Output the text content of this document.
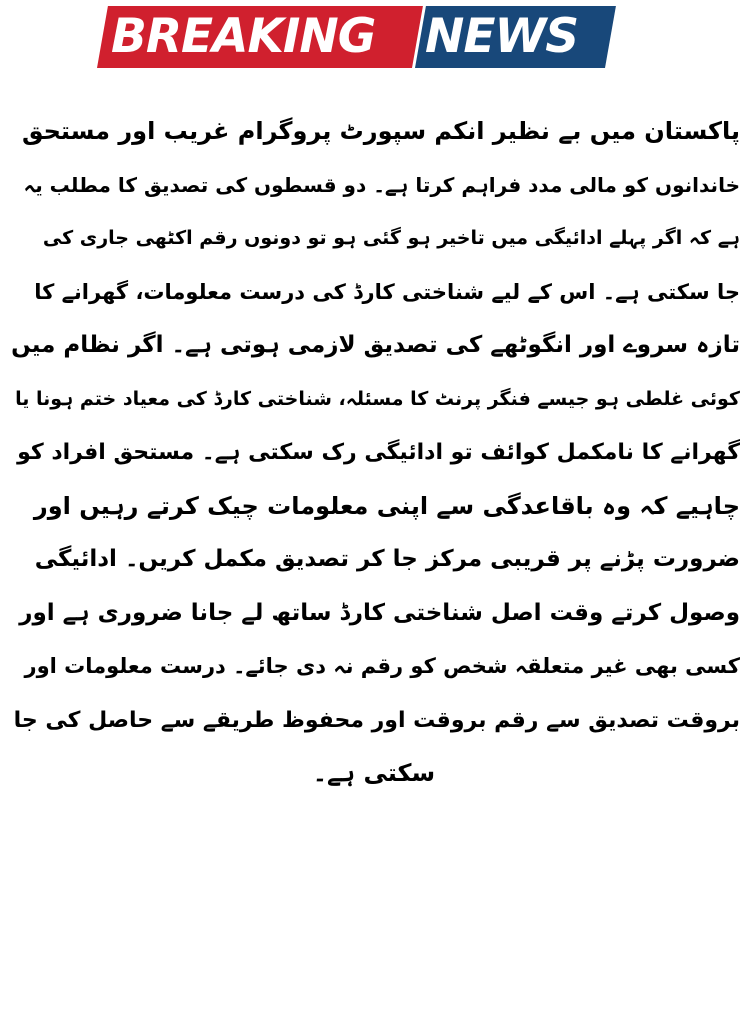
BREAKING NEWS
پاکستان میں بے نظیر انکم سپورٹ پروگرام غریب اور مستحق
خاندانوں کو مالی مدد فراہم کرتا ہے۔ دو قسطوں کی تصدیق کا مطلب یہ
ہے کہ اگر پہلے ادائیگی میں تاخیر ہو گئی ہو تو دونوں رقم اکٹھی جاری کی
جا سکتی ہے۔ اس کے لیے شناختی کارڈ کی درست معلومات، گھرانے کا
تازہ سروے اور انگوٹھے کی تصدیق لازمی ہوتی ہے۔ اگر نظام میں
کوئی غلطی ہو جیسے فنگر پرنٹ کا مسئلہ، شناختی کارڈ کی معیاد ختم ہونا یا
گھرانے کا نامکمل کوائف تو ادائیگی رک سکتی ہے۔ مستحق افراد کو
چاہیے کہ وہ باقاعدگی سے اپنی معلومات چیک کرتے رہیں اور
ضرورت پڑنے پر قریبی مرکز جا کر تصدیق مکمل کریں۔ ادائیگی
وصول کرتے وقت اصل شناختی کارڈ ساتھ لے جانا ضروری ہے اور
کسی بھی غیر متعلقہ شخص کو رقم نہ دی جائے۔ درست معلومات اور
بروقت تصدیق سے رقم بروقت اور محفوظ طریقے سے حاصل کی جا
سکتی ہے۔
